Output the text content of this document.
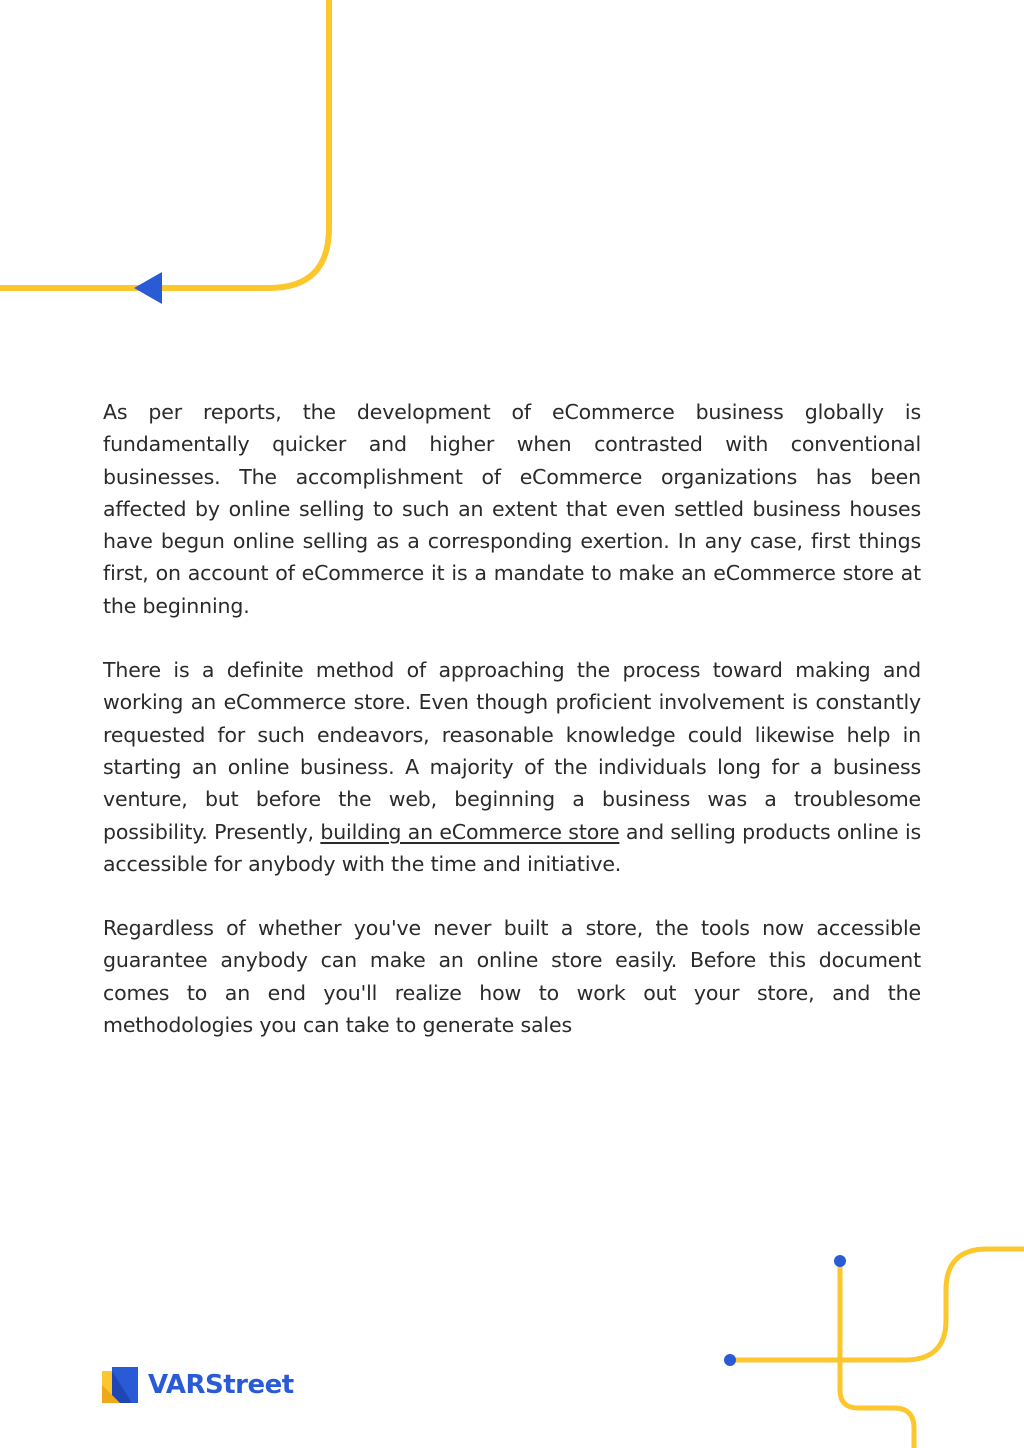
As per reports, the development of eCommerce business globally is fundamentally quicker and higher when contrasted with conventional businesses. The accomplishment of eCommerce organizations has been affected by online selling to such an extent that even settled business houses have begun online selling as a corresponding exertion. In any case, first things first, on account of eCommerce it is a mandate to make an eCommerce store at the beginning.

There is a definite method of approaching the process toward making and working an eCommerce store. Even though proficient involvement is constantly requested for such endeavors, reasonable knowledge could likewise help in starting an online business. A majority of the individuals long for a business venture, but before the web, beginning a business was a troublesome possibility. Presently, building an eCommerce store and selling products online is accessible for anybody with the time and initiative.

Regardless of whether you've never built a store, the tools now accessible guarantee anybody can make an online store easily. Before this document comes to an end you'll realize how to work out your store, and the methodologies you can take to generate sales

VARStreet
